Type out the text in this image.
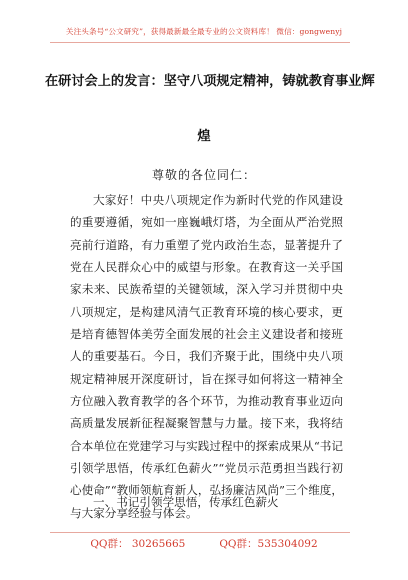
关注头条号“公文研究”，获得最新最全最专业的公文资料库！ 微信：gongwenyj
在研讨会上的发言：坚守八项规定精神，铸就教育事业辉
煌
尊敬的各位同仁：

大家好！中央八项规定作为新时代党的作风建设的重要遵循，宛如一座巍峨灯塔，为全面从严治党照亮前行道路，有力重塑了党内政治生态，显著提升了党在人民群众心中的威望与形象。在教育这一关乎国家未来、民族希望的关键领域，深入学习并贯彻中央八项规定，是构建风清气正教育环境的核心要求，更是培育德智体美劳全面发展的社会主义建设者和接班人的重要基石。今日，我们齐聚于此，围绕中央八项规定精神展开深度研讨，旨在探寻如何将这一精神全方位融入教育教学的各个环节，为推动教育事业迈向高质量发展新征程凝聚智慧与力量。接下来，我将结合本单位在党建学习与实践过程中的探索成果从“书记引领学思悟，传承红色薪火”“党员示范勇担当践行初心使命”“教师领航育新人，弘扬廉洁风尚”三个维度，与大家分享经验与体会。

一、书记引领学思悟，传承红色薪火
QQ群： 30265665	QQ群：535304092
